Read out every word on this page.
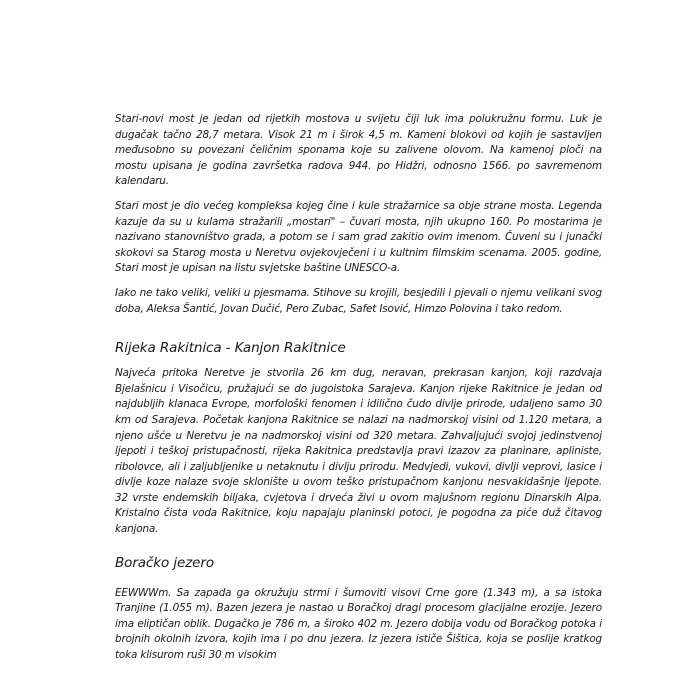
Stari-novi most je jedan od rijetkih mostova u svijetu čiji luk ima polukružnu formu. Luk je dugačak tačno 28,7 metara. Visok 21 m i širok 4,5 m. Kameni blokovi od kojih je sastavljen međusobno su povezani čeličnim sponama koje su zalivene olovom. Na kamenoj ploči na mostu upisana je godina završetka radova 944. po Hidžri, odnosno 1566. po savremenom kalendaru.

Stari most je dio većeg kompleksa kojeg čine i kule stražarnice sa obje strane mosta. Legenda kazuje da su u kulama stražarili „mostari" – čuvari mosta, njih ukupno 160. Po mostarima je nazivano stanovništvo grada, a potom se i sam grad zakitio ovim imenom. Čuveni su i junački skokovi sa Starog mosta u Neretvu ovjekovječeni i u kultnim filmskim scenama. 2005. godine, Stari most je upisan na listu svjetske baštine UNESCO-a.

Iako ne tako veliki, veliki u pjesmama. Stihove su krojili, besjedili i pjevali o njemu velikani svog doba, Aleksa Šantić, Jovan Dučić, Pero Zubac, Safet Isović, Himzo Polovina i tako redom.

Rijeka Rakitnica - Kanjon Rakitnice

Najveća pritoka Neretve je stvorila 26 km dug, neravan, prekrasan kanjon, koji razdvaja Bjelašnicu i Visočicu, pružajući se do jugoistoka Sarajeva. Kanjon rijeke Rakitnice je jedan od najdubljih klanaca Evrope, morfološki fenomen i idilično čudo divlje prirode, udaljeno samo 30 km od Sarajeva. Početak kanjona Rakitnice se nalazi na nadmorskoj visini od 1.120 metara, a njeno ušće u Neretvu je na nadmorskoj visini od 320 metara. Zahvaljujući svojoj jedinstvenoj ljepoti i teškoj pristupačnosti, rijeka Rakitnica predstavlja pravi izazov za planinare, apliniste, ribolovce, ali i zaljubljenike u netaknutu i divlju prirodu. Medvjedi, vukovi, divlji veprovi, lasice i divlje koze nalaze svoje sklonište u ovom teško pristupačnom kanjonu nesvakidašnje ljepote. 32 vrste endemskih biljaka, cvjetova i drveća živi u ovom majušnom regionu Dinarskih Alpa. Kristalno čista voda Rakitnice, koju napajaju planinski potoci, je pogodna za piće duž čitavog kanjona.

Boračko jezero

EEWWWm. Sa zapada ga okružuju strmi i šumoviti visovi Crne gore (1.343 m), a sa istoka Tranjine (1.055 m). Bazen jezera je nastao u Boračkoj dragi procesom glacijalne erozije. Jezero ima eliptičan oblik. Dugačko je 786 m, a široko 402 m. Jezero dobija vodu od Boračkog potoka i brojnih okolnih izvora, kojih ima i po dnu jezera. Iz jezera ističe Šištica, koja se poslije kratkog toka klisurom ruši 30 m visokim
